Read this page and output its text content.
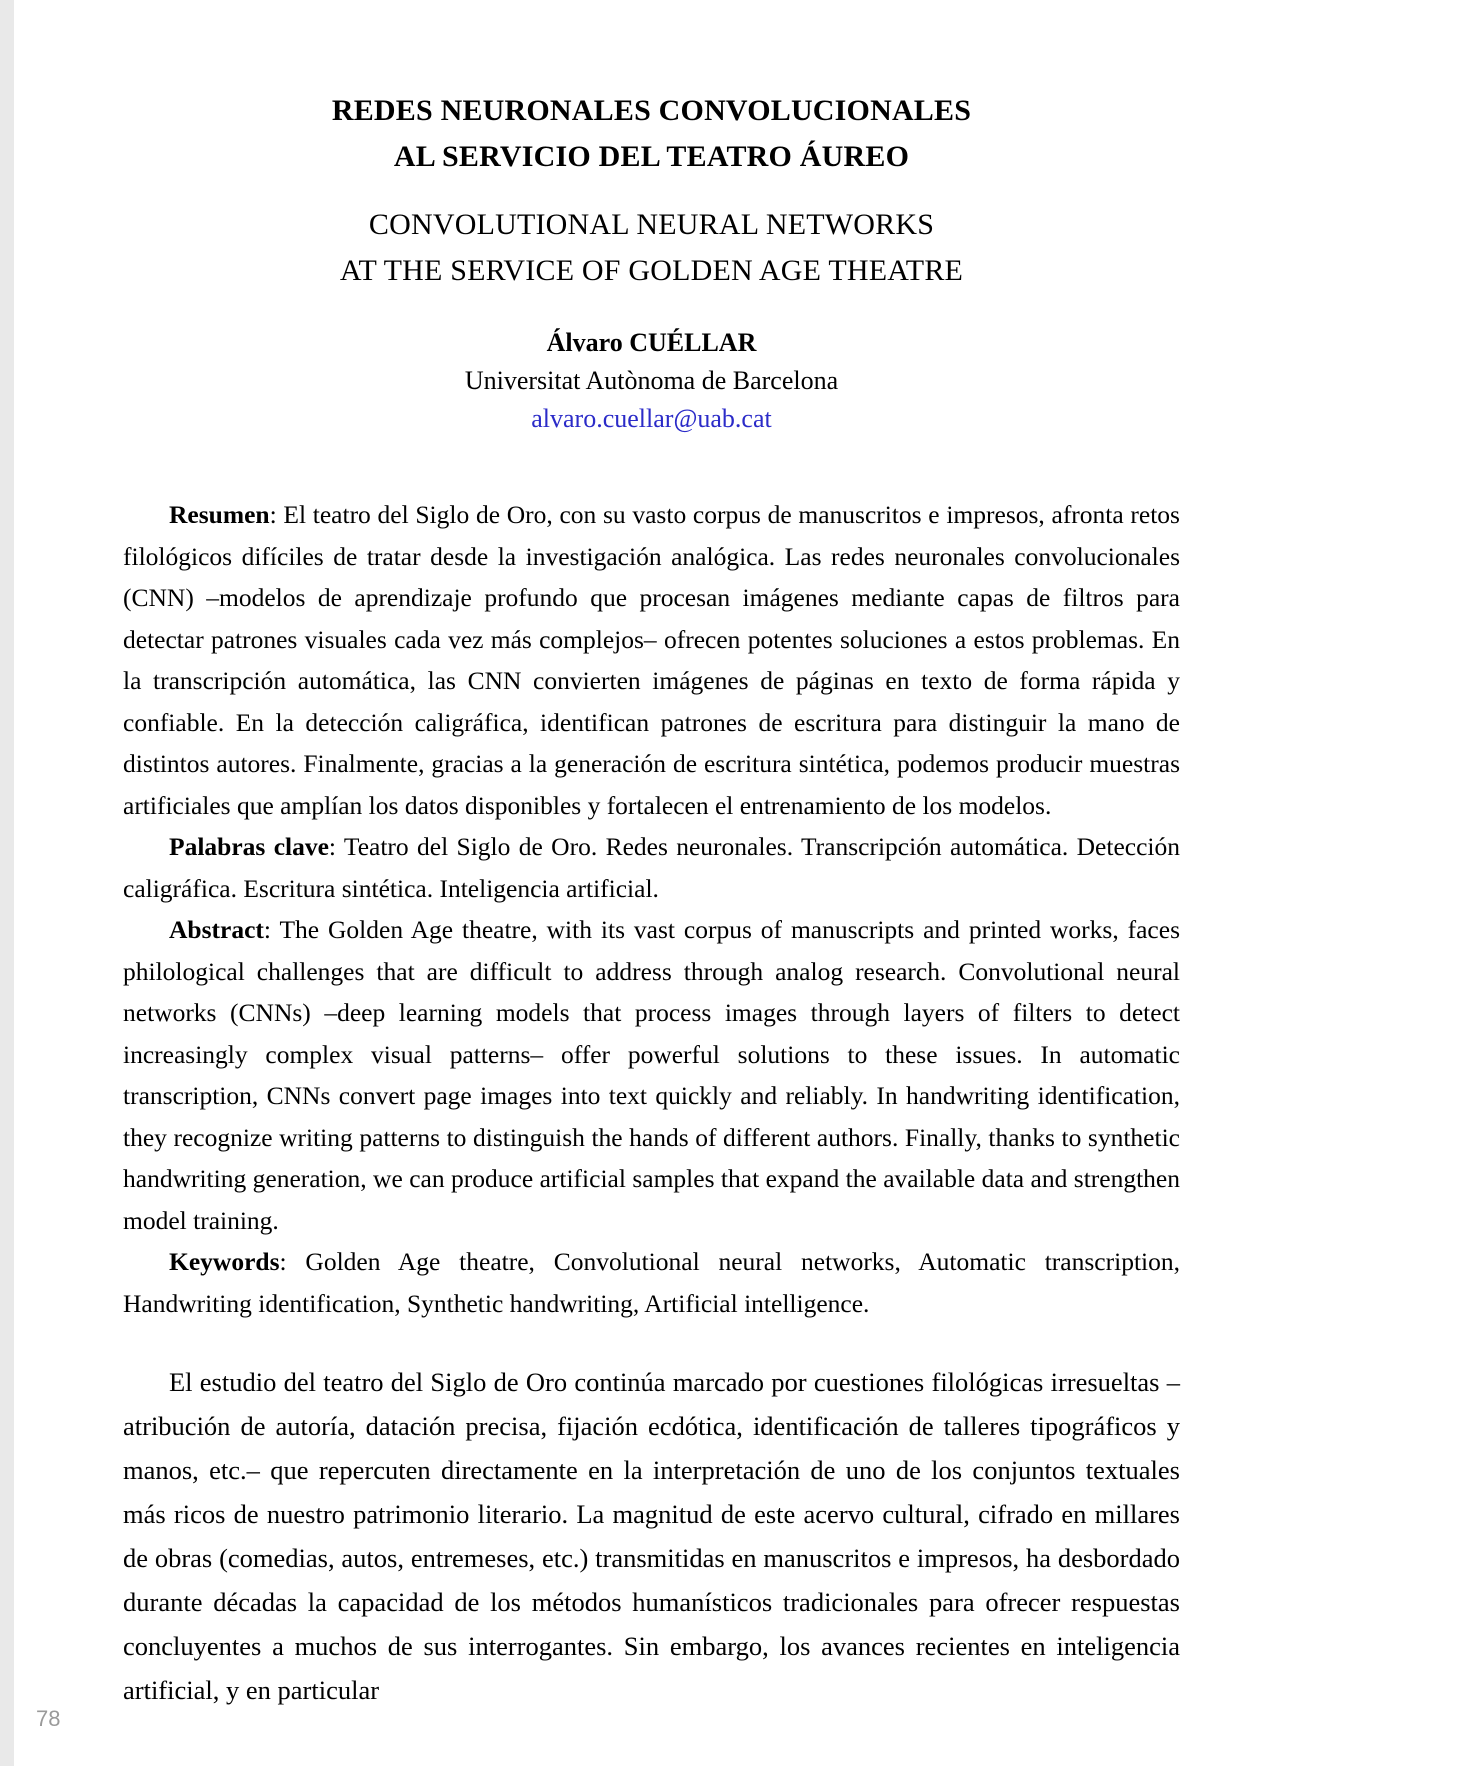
REDES NEURONALES CONVOLUCIONALES
AL SERVICIO DEL TEATRO ÁUREO
CONVOLUTIONAL NEURAL NETWORKS
AT THE SERVICE OF GOLDEN AGE THEATRE
Álvaro CUÉLLAR
Universitat Autònoma de Barcelona
alvaro.cuellar@uab.cat

Resumen: El teatro del Siglo de Oro, con su vasto corpus de manuscritos e impresos, afronta retos filológicos difíciles de tratar desde la investigación analógica. Las redes neuronales convolucionales (CNN) –modelos de aprendizaje profundo que procesan imágenes mediante capas de filtros para detectar patrones visuales cada vez más complejos– ofrecen potentes soluciones a estos problemas. En la transcripción automática, las CNN convierten imágenes de páginas en texto de forma rápida y confiable. En la detección caligráfica, identifican patrones de escritura para distinguir la mano de distintos autores. Finalmente, gracias a la generación de escritura sintética, podemos producir muestras artificiales que amplían los datos disponibles y fortalecen el entrenamiento de los modelos.

Palabras clave: Teatro del Siglo de Oro. Redes neuronales. Transcripción automática. Detección caligráfica. Escritura sintética. Inteligencia artificial.

Abstract: The Golden Age theatre, with its vast corpus of manuscripts and printed works, faces philological challenges that are difficult to address through analog research. Convolutional neural networks (CNNs) –deep learning models that process images through layers of filters to detect increasingly complex visual patterns– offer powerful solutions to these issues. In automatic transcription, CNNs convert page images into text quickly and reliably. In handwriting identification, they recognize writing patterns to distinguish the hands of different authors. Finally, thanks to synthetic handwriting generation, we can produce artificial samples that expand the available data and strengthen model training.

Keywords: Golden Age theatre, Convolutional neural networks, Automatic transcription, Handwriting identification, Synthetic handwriting, Artificial intelligence.

El estudio del teatro del Siglo de Oro continúa marcado por cuestiones filológicas irresueltas –atribución de autoría, datación precisa, fijación ecdótica, identificación de talleres tipográficos y manos, etc.– que repercuten directamente en la interpretación de uno de los conjuntos textuales más ricos de nuestro patrimonio literario. La magnitud de este acervo cultural, cifrado en millares de obras (comedias, autos, entremeses, etc.) transmitidas en manuscritos e impresos, ha desbordado durante décadas la capacidad de los métodos humanísticos tradicionales para ofrecer respuestas concluyentes a muchos de sus interrogantes. Sin embargo, los avances recientes en inteligencia artificial, y en particular

78
